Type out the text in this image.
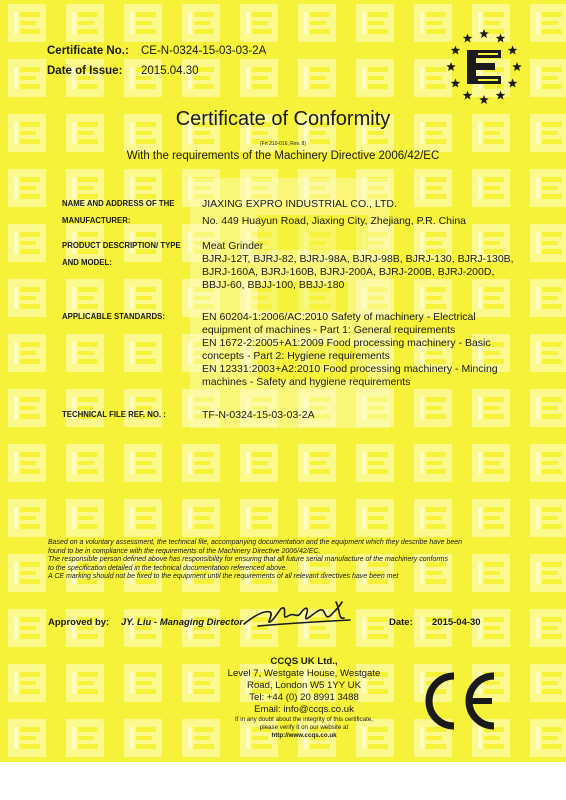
Certificate No.: CE-N-0324-15-03-03-2A
Date of Issue: 2015.04.30
Certificate of Conformity
(Frt 210-016, Rev. 8)
With the requirements of the Machinery Directive 2006/42/EC
NAME AND ADDRESS OF THE
MANUFACTURER:
JIAXING EXPRO INDUSTRIAL CO., LTD.
No. 449 Huayun Road, Jiaxing City, Zhejiang, P.R. China
PRODUCT DESCRIPTION/ TYPE
AND MODEL:
Meat Grinder
BJRJ-12T, BJRJ-82, BJRJ-98A, BJRJ-98B, BJRJ-130, BJRJ-130B,
BJRJ-160A, BJRJ-160B, BJRJ-200A, BJRJ-200B, BJRJ-200D,
BBJJ-60, BBJJ-100, BBJJ-180
APPLICABLE STANDARDS:	EN 60204-1:2006/AC:2010 Safety of machinery - Electrical
equipment of machines - Part 1: General requirements
EN 1672-2:2005+A1:2009 Food processing machinery - Basic
concepts - Part 2: Hygiene requirements
EN 12331:2003+A2:2010 Food processing machinery - Mincing
machines - Safety and hygiene requirements
TECHNICAL FILE REF. NO. :	TF-N-0324-15-03-03-2A
Based on a voluntary assessment, the technical file, accompanying documentation and the equipment which they describe have been
found to be in compliance with the requirements of the Machinery Directive 2006/42/EC.
The responsible person defined above has responsibility for ensuring that all future serial manufacture of the machinery conforms
to the specification detailed in the technical documentation referenced above.
A CE marking should not be fixed to the equipment until the requirements of all relevant directives have been met
Approved by: JY. Liu - Managing Director	Date: 2015-04-30
CCQS UK Ltd.,
Level 7, Westgate House, Westgate
Road, London W5 1YY UK
Tel: +44 (0) 20 8991 3488
Email: info@ccqs.co.uk
If in any doubt about the integrity of this certificate,
please verify it on our website at
http://www.ccqs.co.uk
